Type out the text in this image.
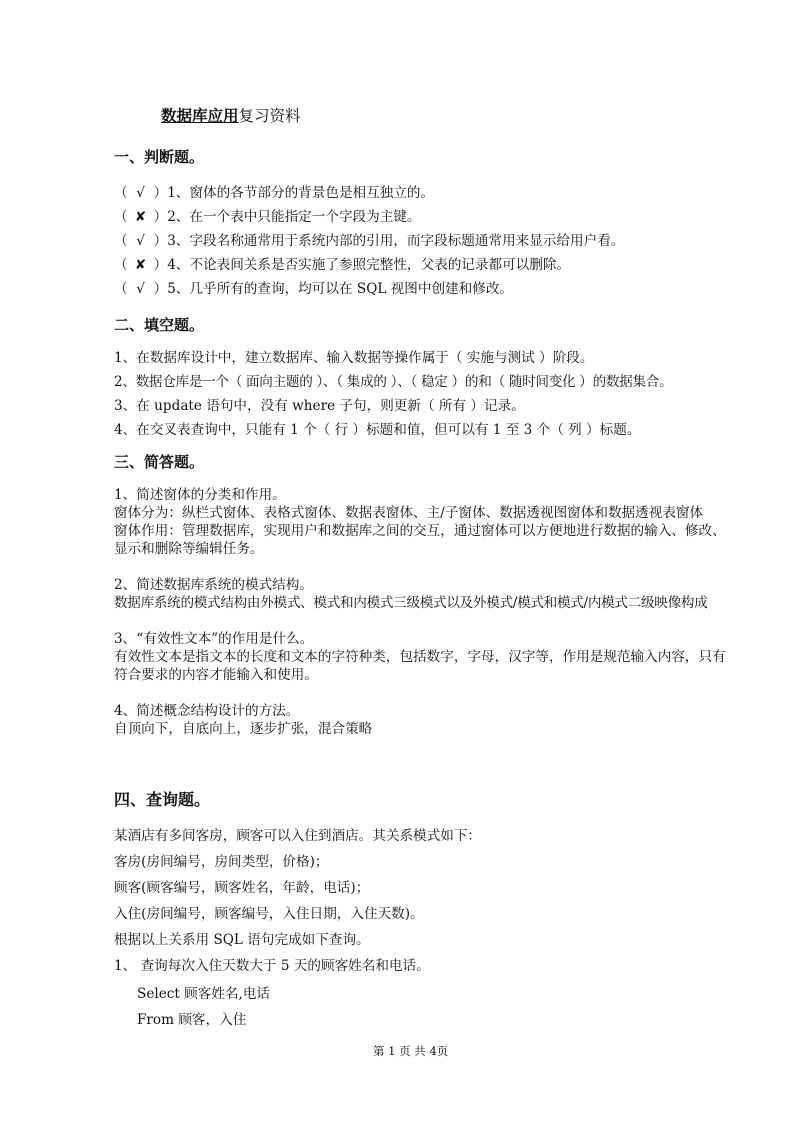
数据库应用复习资料
一、判断题。
（ √ ）1、窗体的各节部分的背景色是相互独立的。
（ ✘ ）2、在一个表中只能指定一个字段为主键。
（ √ ）3、字段名称通常用于系统内部的引用，而字段标题通常用来显示给用户看。
（ ✘ ）4、不论表间关系是否实施了参照完整性，父表的记录都可以删除。
（ √ ）5、几乎所有的查询，均可以在 SQL 视图中创建和修改。
二、填空题。
1、在数据库设计中，建立数据库、输入数据等操作属于（ 实施与测试 ）阶段。
2、数据仓库是一个（ 面向主题的 ）、（ 集成的 ）、（ 稳定 ）的和（ 随时间变化 ）的数据集合。
3、在 update 语句中，没有 where 子句，则更新（ 所有 ）记录。
4、在交叉表查询中，只能有 1 个（ 行 ）标题和值，但可以有 1 至 3 个（ 列 ）标题。
三、简答题。
1、简述窗体的分类和作用。
窗体分为：纵栏式窗体、表格式窗体、数据表窗体、主/子窗体、数据透视图窗体和数据透视表窗体
窗体作用：管理数据库，实现用户和数据库之间的交互，通过窗体可以方便地进行数据的输入、修改、
显示和删除等编辑任务。
2、简述数据库系统的模式结构。
数据库系统的模式结构由外模式、模式和内模式三级模式以及外模式/模式和模式/内模式二级映像构成
3、“有效性文本”的作用是什么。
有效性文本是指文本的长度和文本的字符种类，包括数字，字母，汉字等，作用是规范输入内容，只有
符合要求的内容才能输入和使用。
4、简述概念结构设计的方法。
自顶向下，自底向上，逐步扩张，混合策略
四、查询题。
某酒店有多间客房，顾客可以入住到酒店。其关系模式如下：
客房(房间编号，房间类型，价格)；
顾客(顾客编号，顾客姓名，年龄，电话)；
入住(房间编号，顾客编号，入住日期，入住天数)。
根据以上关系用 SQL 语句完成如下查询。
1、 查询每次入住天数大于 5 天的顾客姓名和电话。
Select 顾客姓名,电话
From 顾客，入住
第 1 页 共 4页
